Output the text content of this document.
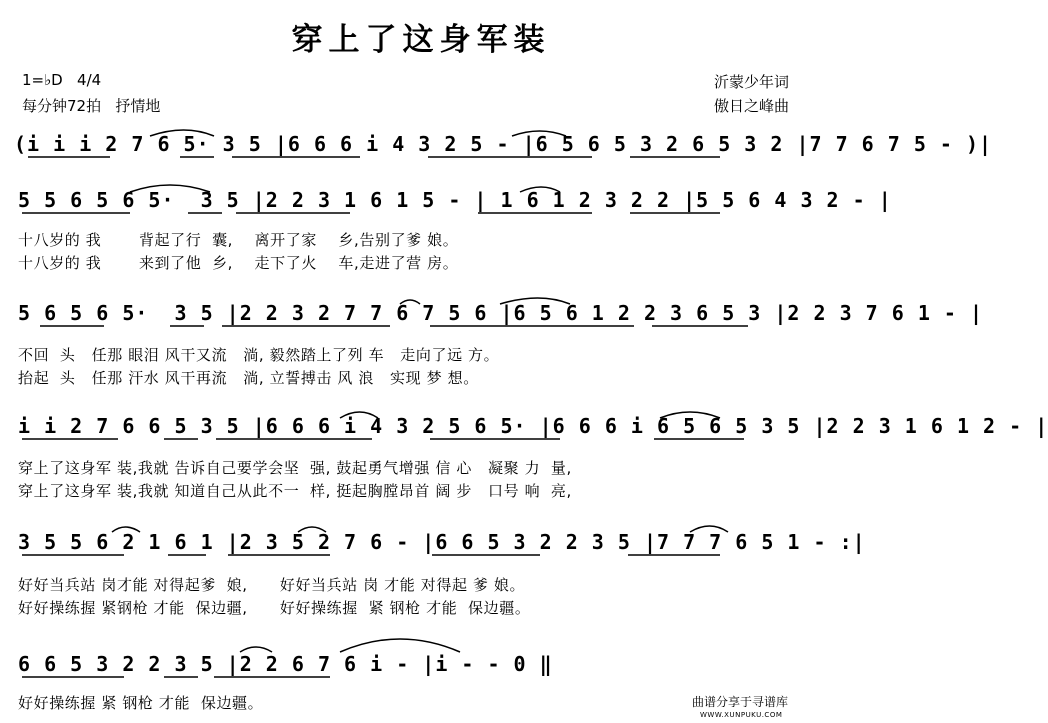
穿上了这身军装
1=♭D   4/4
每分钟72拍   抒情地
沂蒙少年词
傲日之峰曲
(i i i 2 7 6 5· 3 5 |6 6 6 i 4 3 2 5 - |6 5 6 5 3 2 6 5 3 2 |7 7 6 7 5 - )|
5 5 6 5 6 5·  3 5 |2 2 3 1 6 1 5 - | 1 6 1 2 3 2 2 |5 5 6 4 3 2 - |
十八岁的 我       背起了行  囊,    离开了家    乡,告别了爹 娘。
十八岁的 我       来到了他  乡,    走下了火    车,走进了营 房。
5 6 5 6 5·  3 5 |2 2 3 2 7 7 6 7 5 6 |6 5 6 1 2 2 3 6 5 3 |2 2 3 7 6 1 - |
不回  头   任那 眼泪 风干又流   淌, 毅然踏上了列 车   走向了远 方。
抬起  头   任那 汗水 风干再流   淌, 立誓搏击 风 浪   实现 梦 想。
i i 2 7 6 6 5 3 5 |6 6 6 i 4 3 2 5 6 5· |6 6 6 i 6 5 6 5 3 5 |2 2 3 1 6 1 2 - |
穿上了这身军 装,我就 告诉自己要学会坚  强, 鼓起勇气增强 信 心   凝聚 力  量,
穿上了这身军 装,我就 知道自己从此不一  样, 挺起胸膛昂首 阔 步   口号 响  亮,
3 5 5 6 2 1 6 1 |2 3 5 2 7 6 - |6 6 5 3 2 2 3 5 |7 7 7 6 5 1 - :|
好好当兵站 岗才能 对得起爹  娘,      好好当兵站 岗 才能 对得起 爹 娘。
好好操练握 紧钢枪 才能  保边疆,      好好操练握  紧 钢枪 才能  保边疆。
6 6 5 3 2 2 3 5 |2 2 6 7 6 i - |i - - 0 ‖
好好操练握 紧 钢枪 才能  保边疆。	曲谱分享于寻谱库
WWW.XUNPUKU.COM
